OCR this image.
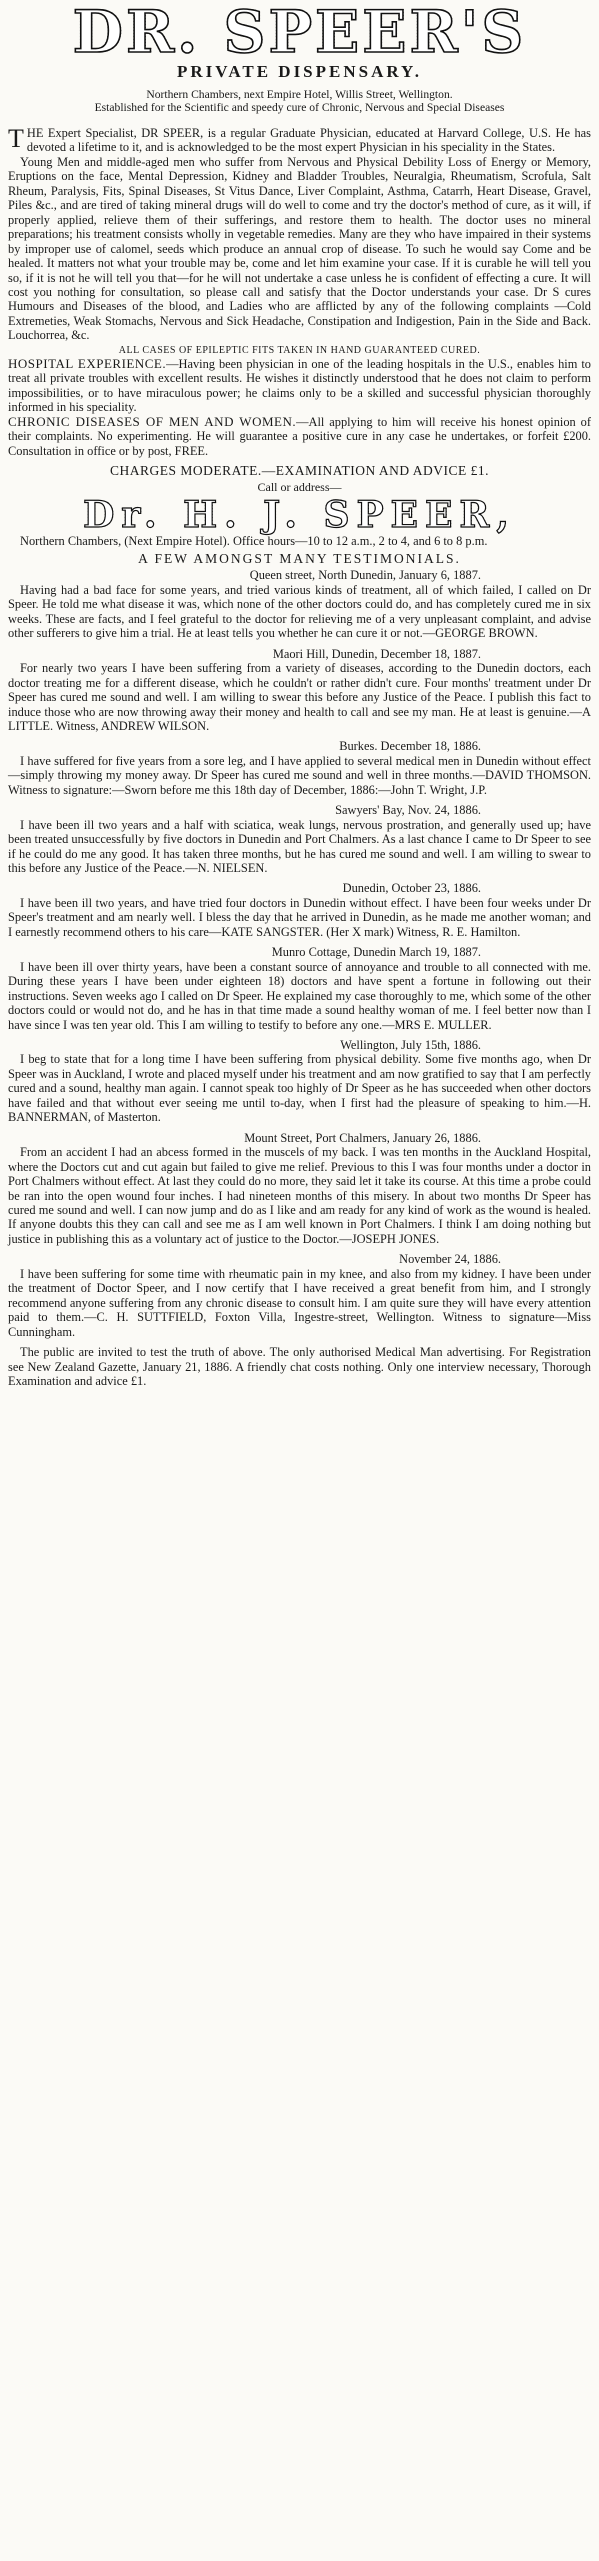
DR. SPEER'S
PRIVATE DISPENSARY.
Northern Chambers, next Empire Hotel, Willis Street, Wellington.
Established for the Scientific and speedy cure of Chronic, Nervous and Special Diseases

THE Expert Specialist, DR SPEER, is a regular Graduate Physician, educated at Harvard College, U.S. He has devoted a lifetime to it, and is acknowledged to be the most expert Physician in his speciality in the States.

Young Men and middle-aged men who suffer from Nervous and Physical Debility Loss of Energy or Memory, Eruptions on the face, Mental Depression, Kidney and Bladder Troubles, Neuralgia, Rheumatism, Scrofula, Salt Rheum, Paralysis, Fits, Spinal Diseases, St Vitus Dance, Liver Complaint, Asthma, Catarrh, Heart Disease, Gravel, Piles &c., and are tired of taking mineral drugs will do well to come and try the doctor's method of cure, as it will, if properly applied, relieve them of their sufferings, and restore them to health. The doctor uses no mineral preparations; his treatment consists wholly in vegetable remedies. Many are they who have impaired in their systems by improper use of calomel, seeds which produce an annual crop of disease. To such he would say Come and be healed. It matters not what your trouble may be, come and let him examine your case. If it is curable he will tell you so, if it is not he will tell you that—for he will not undertake a case unless he is confident of effecting a cure. It will cost you nothing for consultation, so please call and satisfy that the Doctor understands your case. Dr S cures Humours and Diseases of the blood, and Ladies who are afflicted by any of the following complaints —Cold Extremeties, Weak Stomachs, Nervous and Sick Headache, Constipation and Indigestion, Pain in the Side and Back. Louchorrea, &c.

ALL CASES OF EPILEPTIC FITS TAKEN IN HAND GUARANTEED CURED.

HOSPITAL EXPERIENCE.—Having been physician in one of the leading hospitals in the U.S., enables him to treat all private troubles with excellent results. He wishes it distinctly understood that he does not claim to perform impossibilities, or to have miraculous power; he claims only to be a skilled and successful physician thoroughly informed in his speciality.

CHRONIC DISEASES OF MEN AND WOMEN.—All applying to him will receive his honest opinion of their complaints. No experimenting. He will guarantee a positive cure in any case he undertakes, or forfeit £200. Consultation in office or by post, FREE.

CHARGES MODERATE.—EXAMINATION AND ADVICE £1.
Call or address—
Dr. H. J. SPEER,

Northern Chambers, (Next Empire Hotel). Office hours—10 to 12 a.m., 2 to 4, and 6 to 8 p.m.

A FEW AMONGST MANY TESTIMONIALS.
Queen street, North Dunedin, January 6, 1887.

Having had a bad face for some years, and tried various kinds of treatment, all of which failed, I called on Dr Speer. He told me what disease it was, which none of the other doctors could do, and has completely cured me in six weeks. These are facts, and I feel grateful to the doctor for relieving me of a very unpleasant complaint, and advise other sufferers to give him a trial. He at least tells you whether he can cure it or not.—GEORGE BROWN.

Maori Hill, Dunedin, December 18, 1887.

For nearly two years I have been suffering from a variety of diseases, according to the Dunedin doctors, each doctor treating me for a different disease, which he couldn't or rather didn't cure. Four months' treatment under Dr Speer has cured me sound and well. I am willing to swear this before any Justice of the Peace. I publish this fact to induce those who are now throwing away their money and health to call and see my man. He at least is genuine.—A LITTLE. Witness, ANDREW WILSON.

Burkes. December 18, 1886.

I have suffered for five years from a sore leg, and I have applied to several medical men in Dunedin without effect—simply throwing my money away. Dr Speer has cured me sound and well in three months.—DAVID THOMSON. Witness to signature:—Sworn before me this 18th day of December, 1886:—John T. Wright, J.P.

Sawyers' Bay, Nov. 24, 1886.

I have been ill two years and a half with sciatica, weak lungs, nervous prostration, and generally used up; have been treated unsuccessfully by five doctors in Dunedin and Port Chalmers. As a last chance I came to Dr Speer to see if he could do me any good. It has taken three months, but he has cured me sound and well. I am willing to swear to this before any Justice of the Peace.—N. NIELSEN.

Dunedin, October 23, 1886.

I have been ill two years, and have tried four doctors in Dunedin without effect. I have been four weeks under Dr Speer's treatment and am nearly well. I bless the day that he arrived in Dunedin, as he made me another woman; and I earnestly recommend others to his care—KATE SANGSTER. (Her X mark) Witness, R. E. Hamilton.

Munro Cottage, Dunedin March 19, 1887.

I have been ill over thirty years, have been a constant source of annoyance and trouble to all connected with me. During these years I have been under eighteen 18) doctors and have spent a fortune in following out their instructions. Seven weeks ago I called on Dr Speer. He explained my case thoroughly to me, which some of the other doctors could or would not do, and he has in that time made a sound healthy woman of me. I feel better now than I have since I was ten year old. This I am willing to testify to before any one.—MRS E. MULLER.

Wellington, July 15th, 1886.

I beg to state that for a long time I have been suffering from physical debility. Some five months ago, when Dr Speer was in Auckland, I wrote and placed myself under his treatment and am now gratified to say that I am perfectly cured and a sound, healthy man again. I cannot speak too highly of Dr Speer as he has succeeded when other doctors have failed and that without ever seeing me until to-day, when I first had the pleasure of speaking to him.—H. BANNERMAN, of Masterton.

Mount Street, Port Chalmers, January 26, 1886.

From an accident I had an abcess formed in the muscels of my back. I was ten months in the Auckland Hospital, where the Doctors cut and cut again but failed to give me relief. Previous to this I was four months under a doctor in Port Chalmers without effect. At last they could do no more, they said let it take its course. At this time a probe could be ran into the open wound four inches. I had nineteen months of this misery. In about two months Dr Speer has cured me sound and well. I can now jump and do as I like and am ready for any kind of work as the wound is healed. If anyone doubts this they can call and see me as I am well known in Port Chalmers. I think I am doing nothing but justice in publishing this as a voluntary act of justice to the Doctor.—JOSEPH JONES.

November 24, 1886.

I have been suffering for some time with rheumatic pain in my knee, and also from my kidney. I have been under the treatment of Doctor Speer, and I now certify that I have received a great benefit from him, and I strongly recommend anyone suffering from any chronic disease to consult him. I am quite sure they will have every attention paid to them.—C. H. SUTTFIELD, Foxton Villa, Ingestre-street, Wellington. Witness to signature—Miss Cunningham.

The public are invited to test the truth of above. The only authorised Medical Man advertising. For Registration see New Zealand Gazette, January 21, 1886. A friendly chat costs nothing. Only one interview necessary, Thorough Examination and advice £1.
